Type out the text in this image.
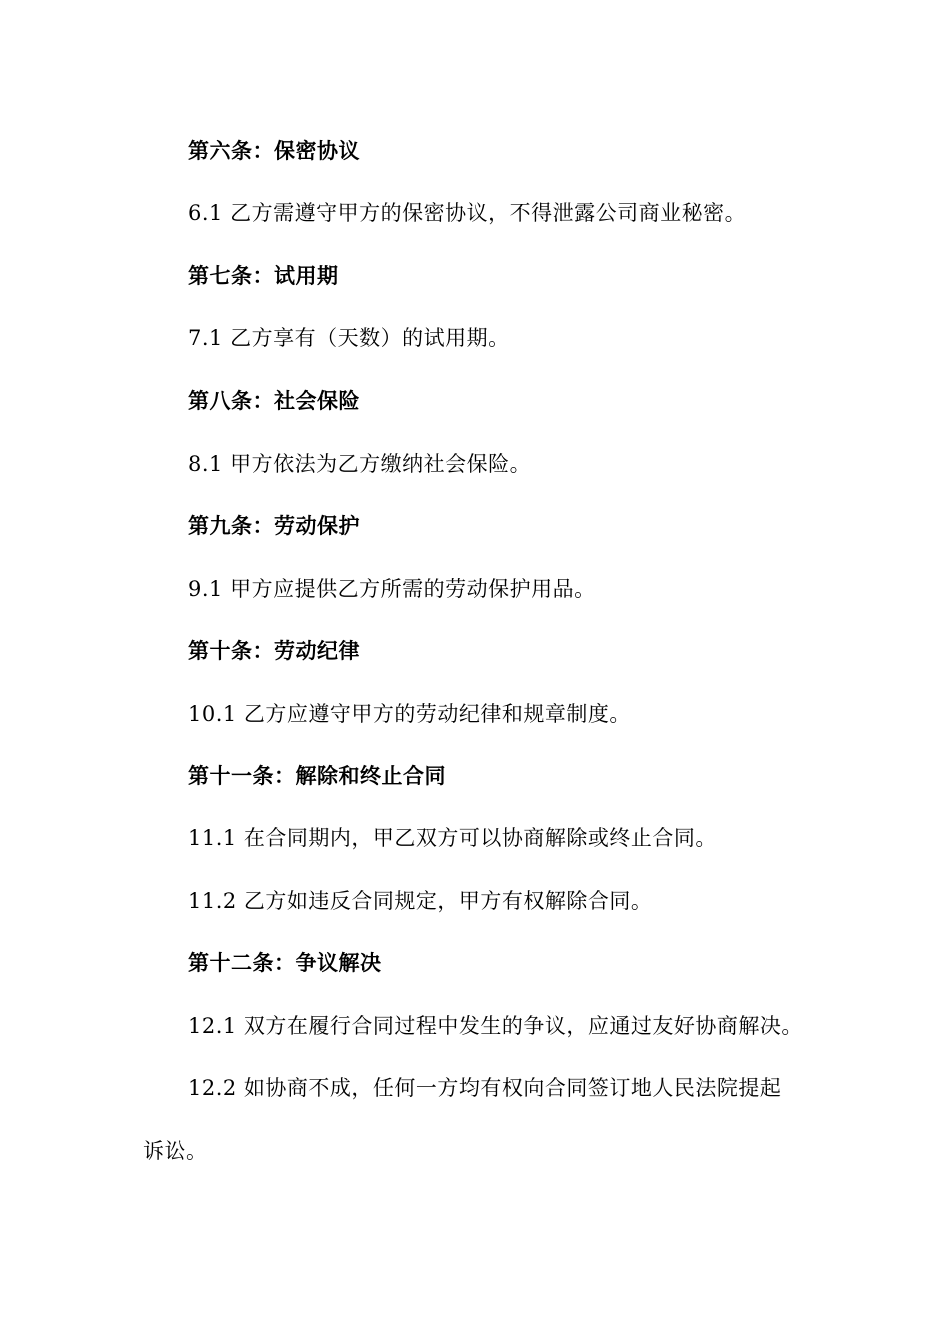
第六条：保密协议
6.1 乙方需遵守甲方的保密协议，不得泄露公司商业秘密。
第七条：试用期
7.1 乙方享有（天数）的试用期。
第八条：社会保险
8.1 甲方依法为乙方缴纳社会保险。
第九条：劳动保护
9.1 甲方应提供乙方所需的劳动保护用品。
第十条：劳动纪律
10.1 乙方应遵守甲方的劳动纪律和规章制度。
第十一条：解除和终止合同
11.1 在合同期内，甲乙双方可以协商解除或终止合同。
11.2 乙方如违反合同规定，甲方有权解除合同。
第十二条：争议解决
12.1 双方在履行合同过程中发生的争议，应通过友好协商解决。
12.2 如协商不成，任何一方均有权向合同签订地人民法院提起
诉讼。
